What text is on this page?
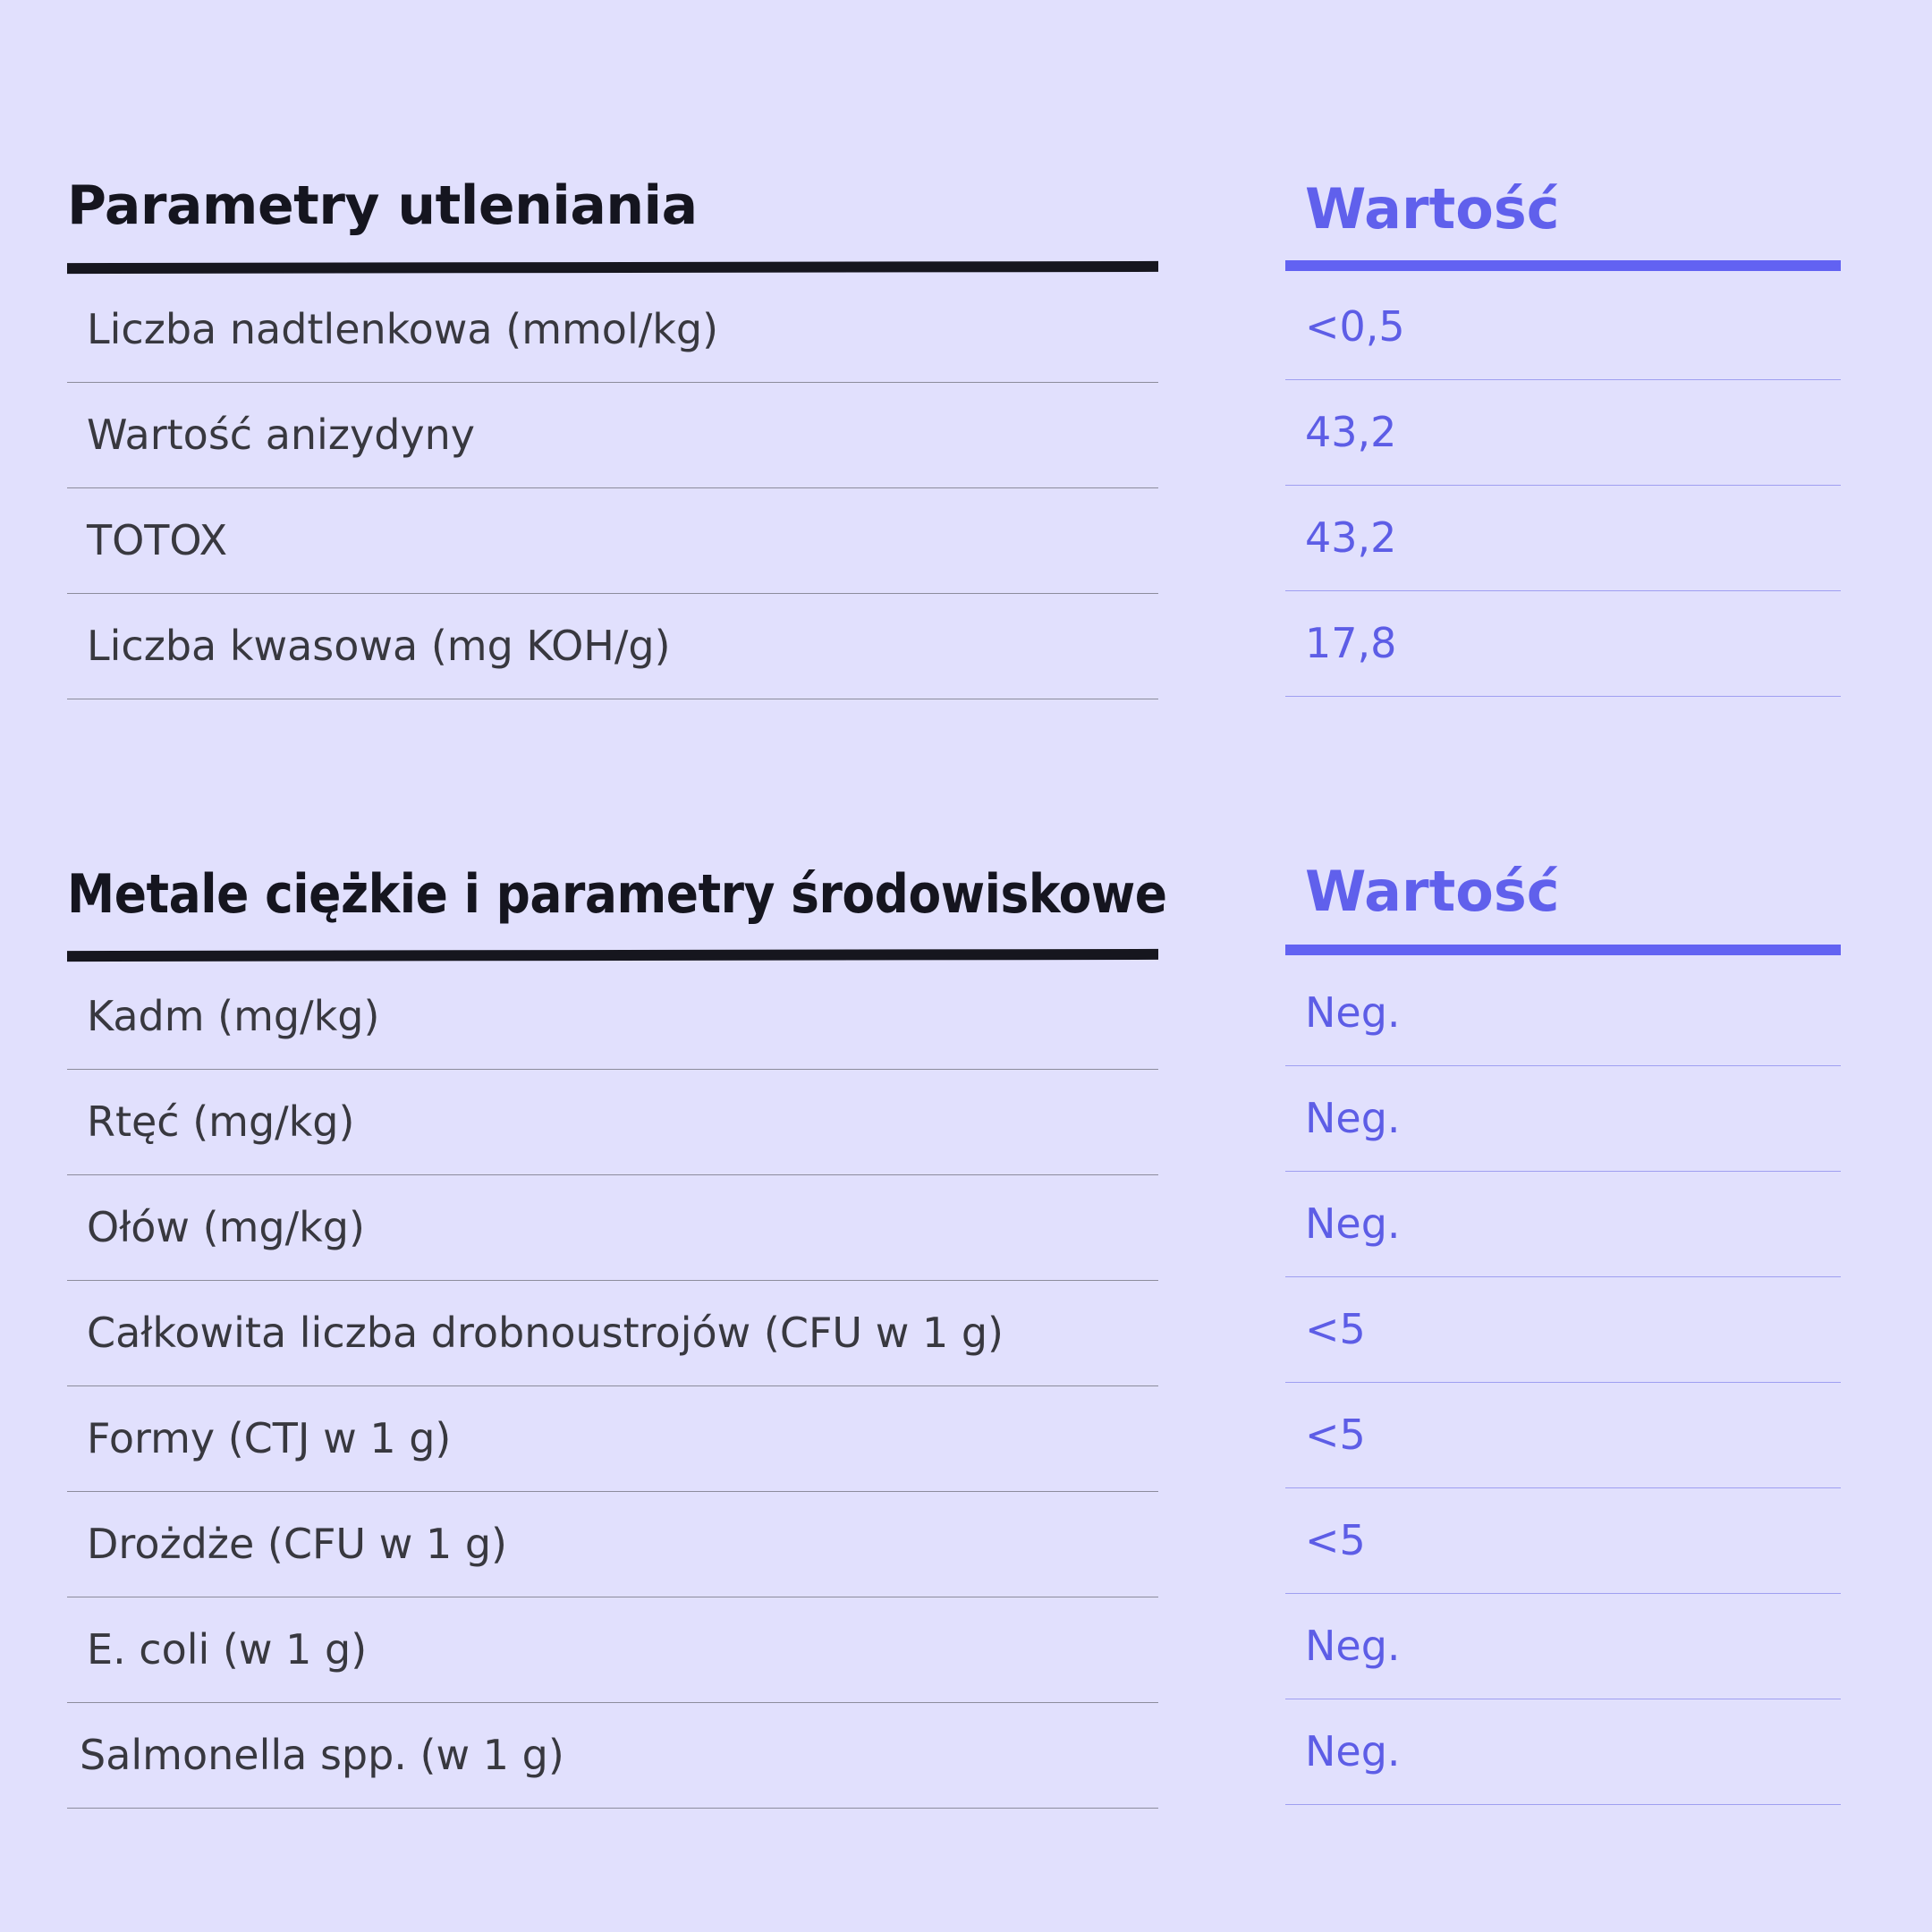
Parametry utleniania
Liczba nadtlenkowa (mmol/kg)
Wartość anizydyny
TOTOX
Liczba kwasowa (mg KOH/g)
Wartość
<0,5
43,2
43,2
17,8
Metale ciężkie i parametry środowiskowe
Kadm (mg/kg)
Rtęć (mg/kg)
Ołów (mg/kg)
Całkowita liczba drobnoustrojów (CFU w 1 g)
Formy (CTJ w 1 g)
Drożdże (CFU w 1 g)
E. coli (w 1 g)
Salmonella spp. (w 1 g)
Wartość
Neg.
Neg.
Neg.
<5
<5
<5
Neg.
Neg.
